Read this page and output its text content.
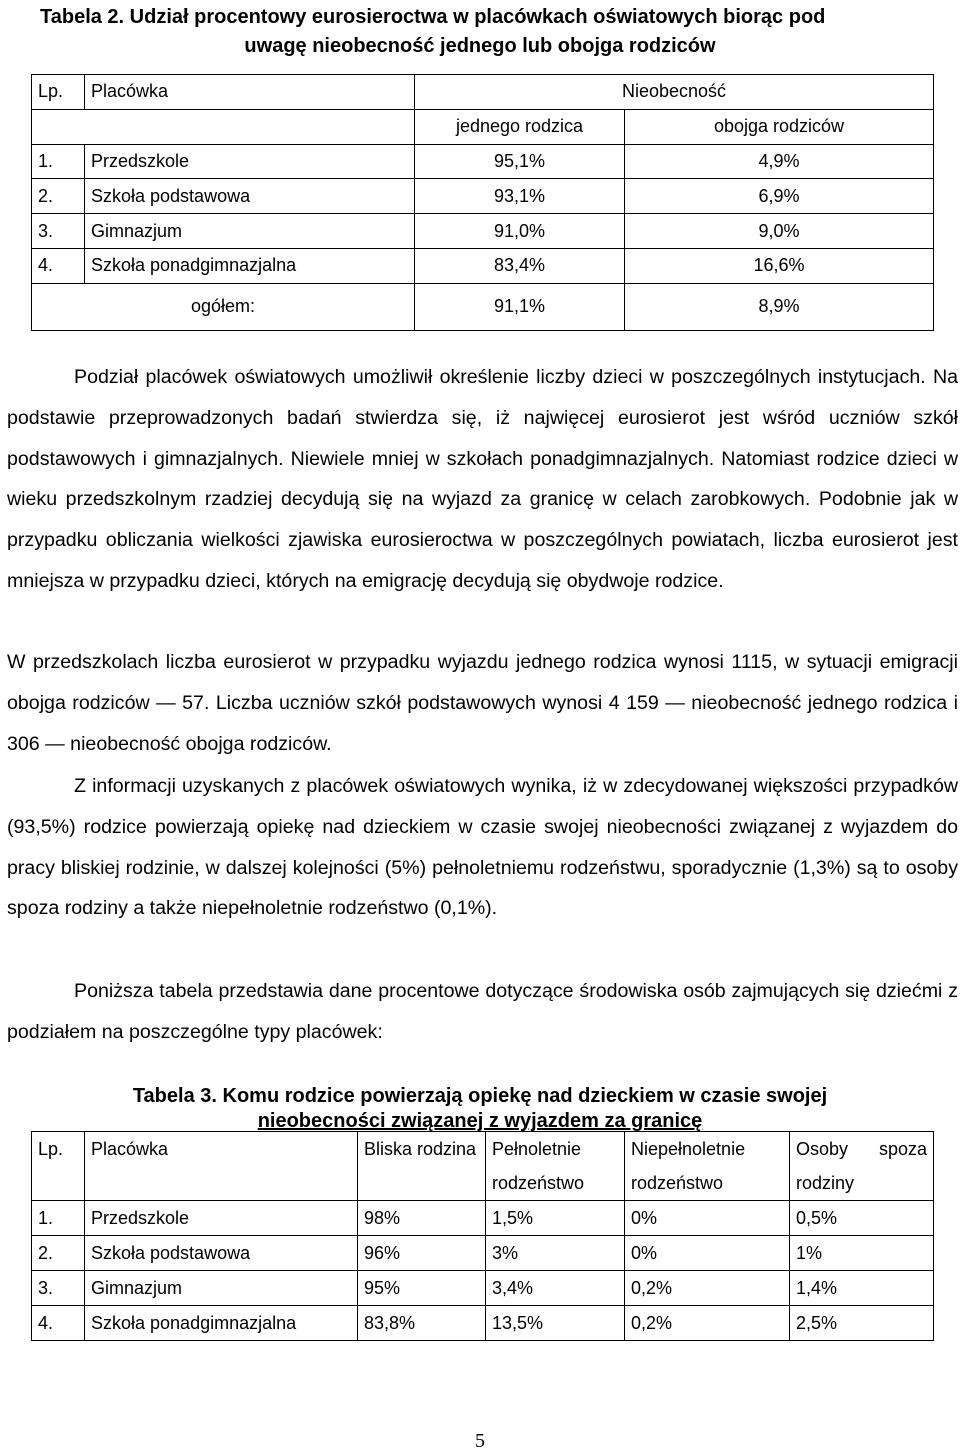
Tabela 2. Udział procentowy eurosieroctwa w placówkach oświatowych biorąc pod
uwagę nieobecność jednego lub obojga rodziców
Lp.	Placówka	Nieobecność	
		jednego rodzica	obojga rodziców
1.	Przedszkole	95,1%	4,9%
2.	Szkoła podstawowa	93,1%	6,9%
3.	Gimnazjum	91,0%	9,0%
4.	Szkoła ponadgimnazjalna	83,4%	16,6%
ogółem:		91,1%	8,9%
Podział placówek oświatowych umożliwił określenie liczby dzieci w poszczególnych instytucjach. Na podstawie przeprowadzonych badań stwierdza się, iż najwięcej eurosierot jest wśród uczniów szkół podstawowych i gimnazjalnych. Niewiele mniej w szkołach ponadgimnazjalnych. Natomiast rodzice dzieci w wieku przedszkolnym rzadziej decydują się na wyjazd za granicę w celach zarobkowych. Podobnie jak w przypadku obliczania wielkości zjawiska eurosieroctwa w poszczególnych powiatach, liczba eurosierot jest mniejsza w przypadku dzieci, których na emigrację decydują się obydwoje rodzice.
W przedszkolach liczba eurosierot w przypadku wyjazdu jednego rodzica wynosi 1115, w sytuacji emigracji obojga rodziców — 57. Liczba uczniów szkół podstawowych wynosi 4 159 — nieobecność jednego rodzica i 306 — nieobecność obojga rodziców.
Z informacji uzyskanych z placówek oświatowych wynika, iż w zdecydowanej większości przypadków (93,5%) rodzice powierzają opiekę nad dzieckiem w czasie swojej nieobecności związanej z wyjazdem do pracy bliskiej rodzinie, w dalszej kolejności (5%) pełnoletniemu rodzeństwu, sporadycznie (1,3%) są to osoby spoza rodziny a także niepełnoletnie rodzeństwo (0,1%).
Poniższa tabela przedstawia dane procentowe dotyczące środowiska osób zajmujących się dziećmi z podziałem na poszczególne typy placówek:
Tabela 3. Komu rodzice powierzają opiekę nad dzieckiem w czasie swojej
nieobecności związanej z wyjazdem za granicę
Lp.	Placówka	Bliska rodzina	Pełnoletnie rodzeństwo	Niepełnoletnie rodzeństwo	Osoby spoza rodziny
1.	Przedszkole	98%	1,5%	0%	0,5%
2.	Szkoła podstawowa	96%	3%	0%	1%
3.	Gimnazjum	95%	3,4%	0,2%	1,4%
4.	Szkoła ponadgimnazjalna	83,8%	13,5%	0,2%	2,5%
5
